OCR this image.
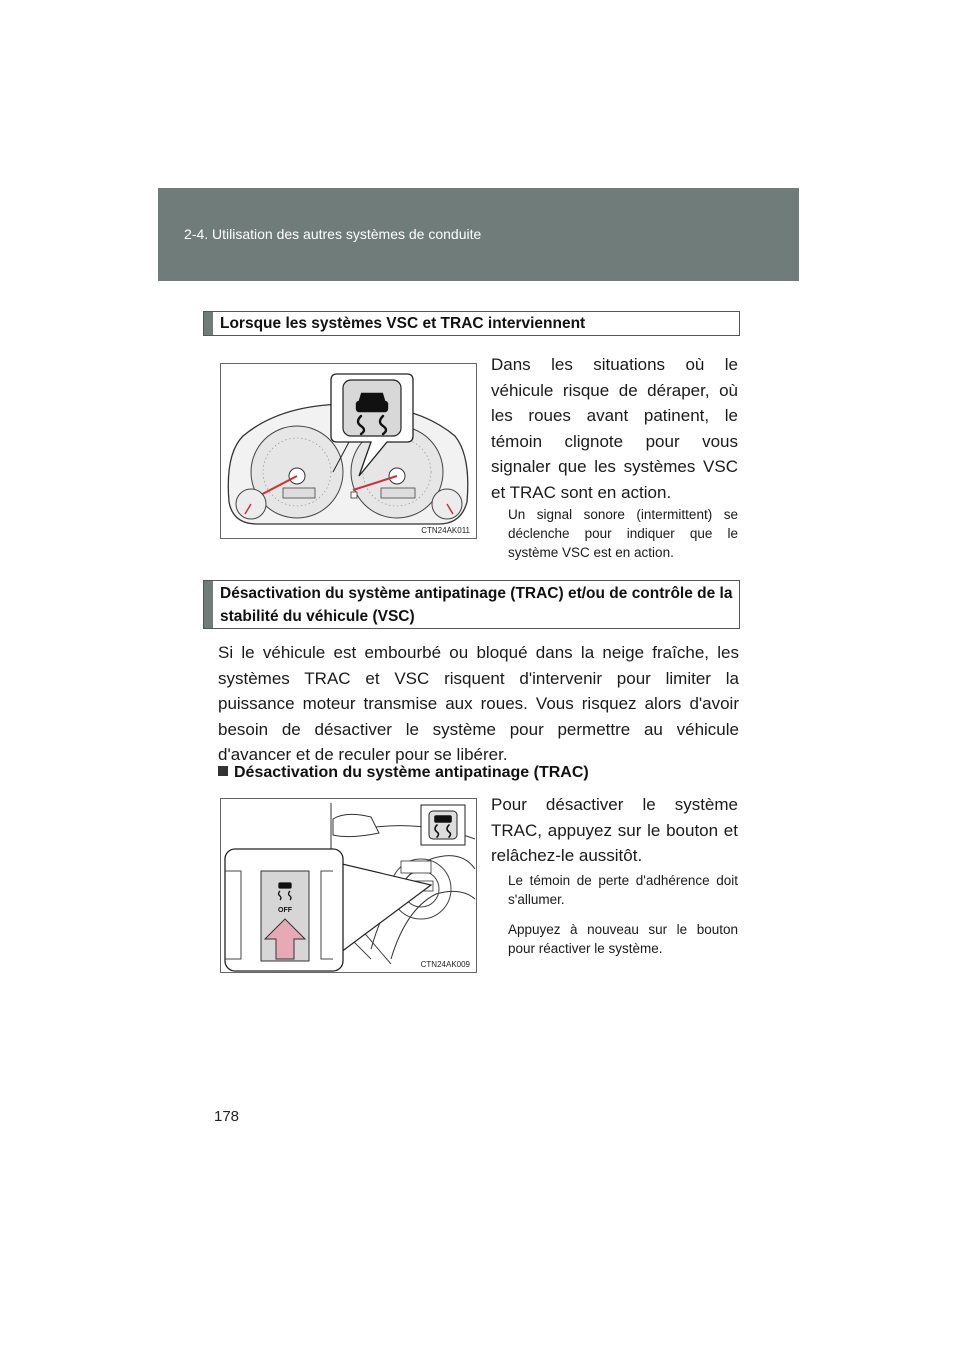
2-4. Utilisation des autres systèmes de conduite
Lorsque les systèmes VSC et TRAC interviennent
CTN24AK011
Dans les situations où le véhicule risque de déraper, où les roues avant patinent, le témoin clignote pour vous signaler que les systèmes VSC et TRAC sont en action.
Un signal sonore (intermittent) se déclenche pour indiquer que le système VSC est en action.
Désactivation du système antipatinage (TRAC) et/ou de contrôle de la stabilité du véhicule (VSC)
Si le véhicule est embourbé ou bloqué dans la neige fraîche, les systèmes TRAC et VSC risquent d'intervenir pour limiter la puissance moteur transmise aux roues. Vous risquez alors d'avoir besoin de désactiver le système pour permettre au véhicule d'avancer et de reculer pour se libérer.
Désactivation du système antipatinage (TRAC)
OFF
CTN24AK009
Pour désactiver le système TRAC, appuyez sur le bouton et relâchez-le aussitôt.
Le témoin de perte d'adhérence doit s'allumer.
Appuyez à nouveau sur le bouton pour réactiver le système.
178
